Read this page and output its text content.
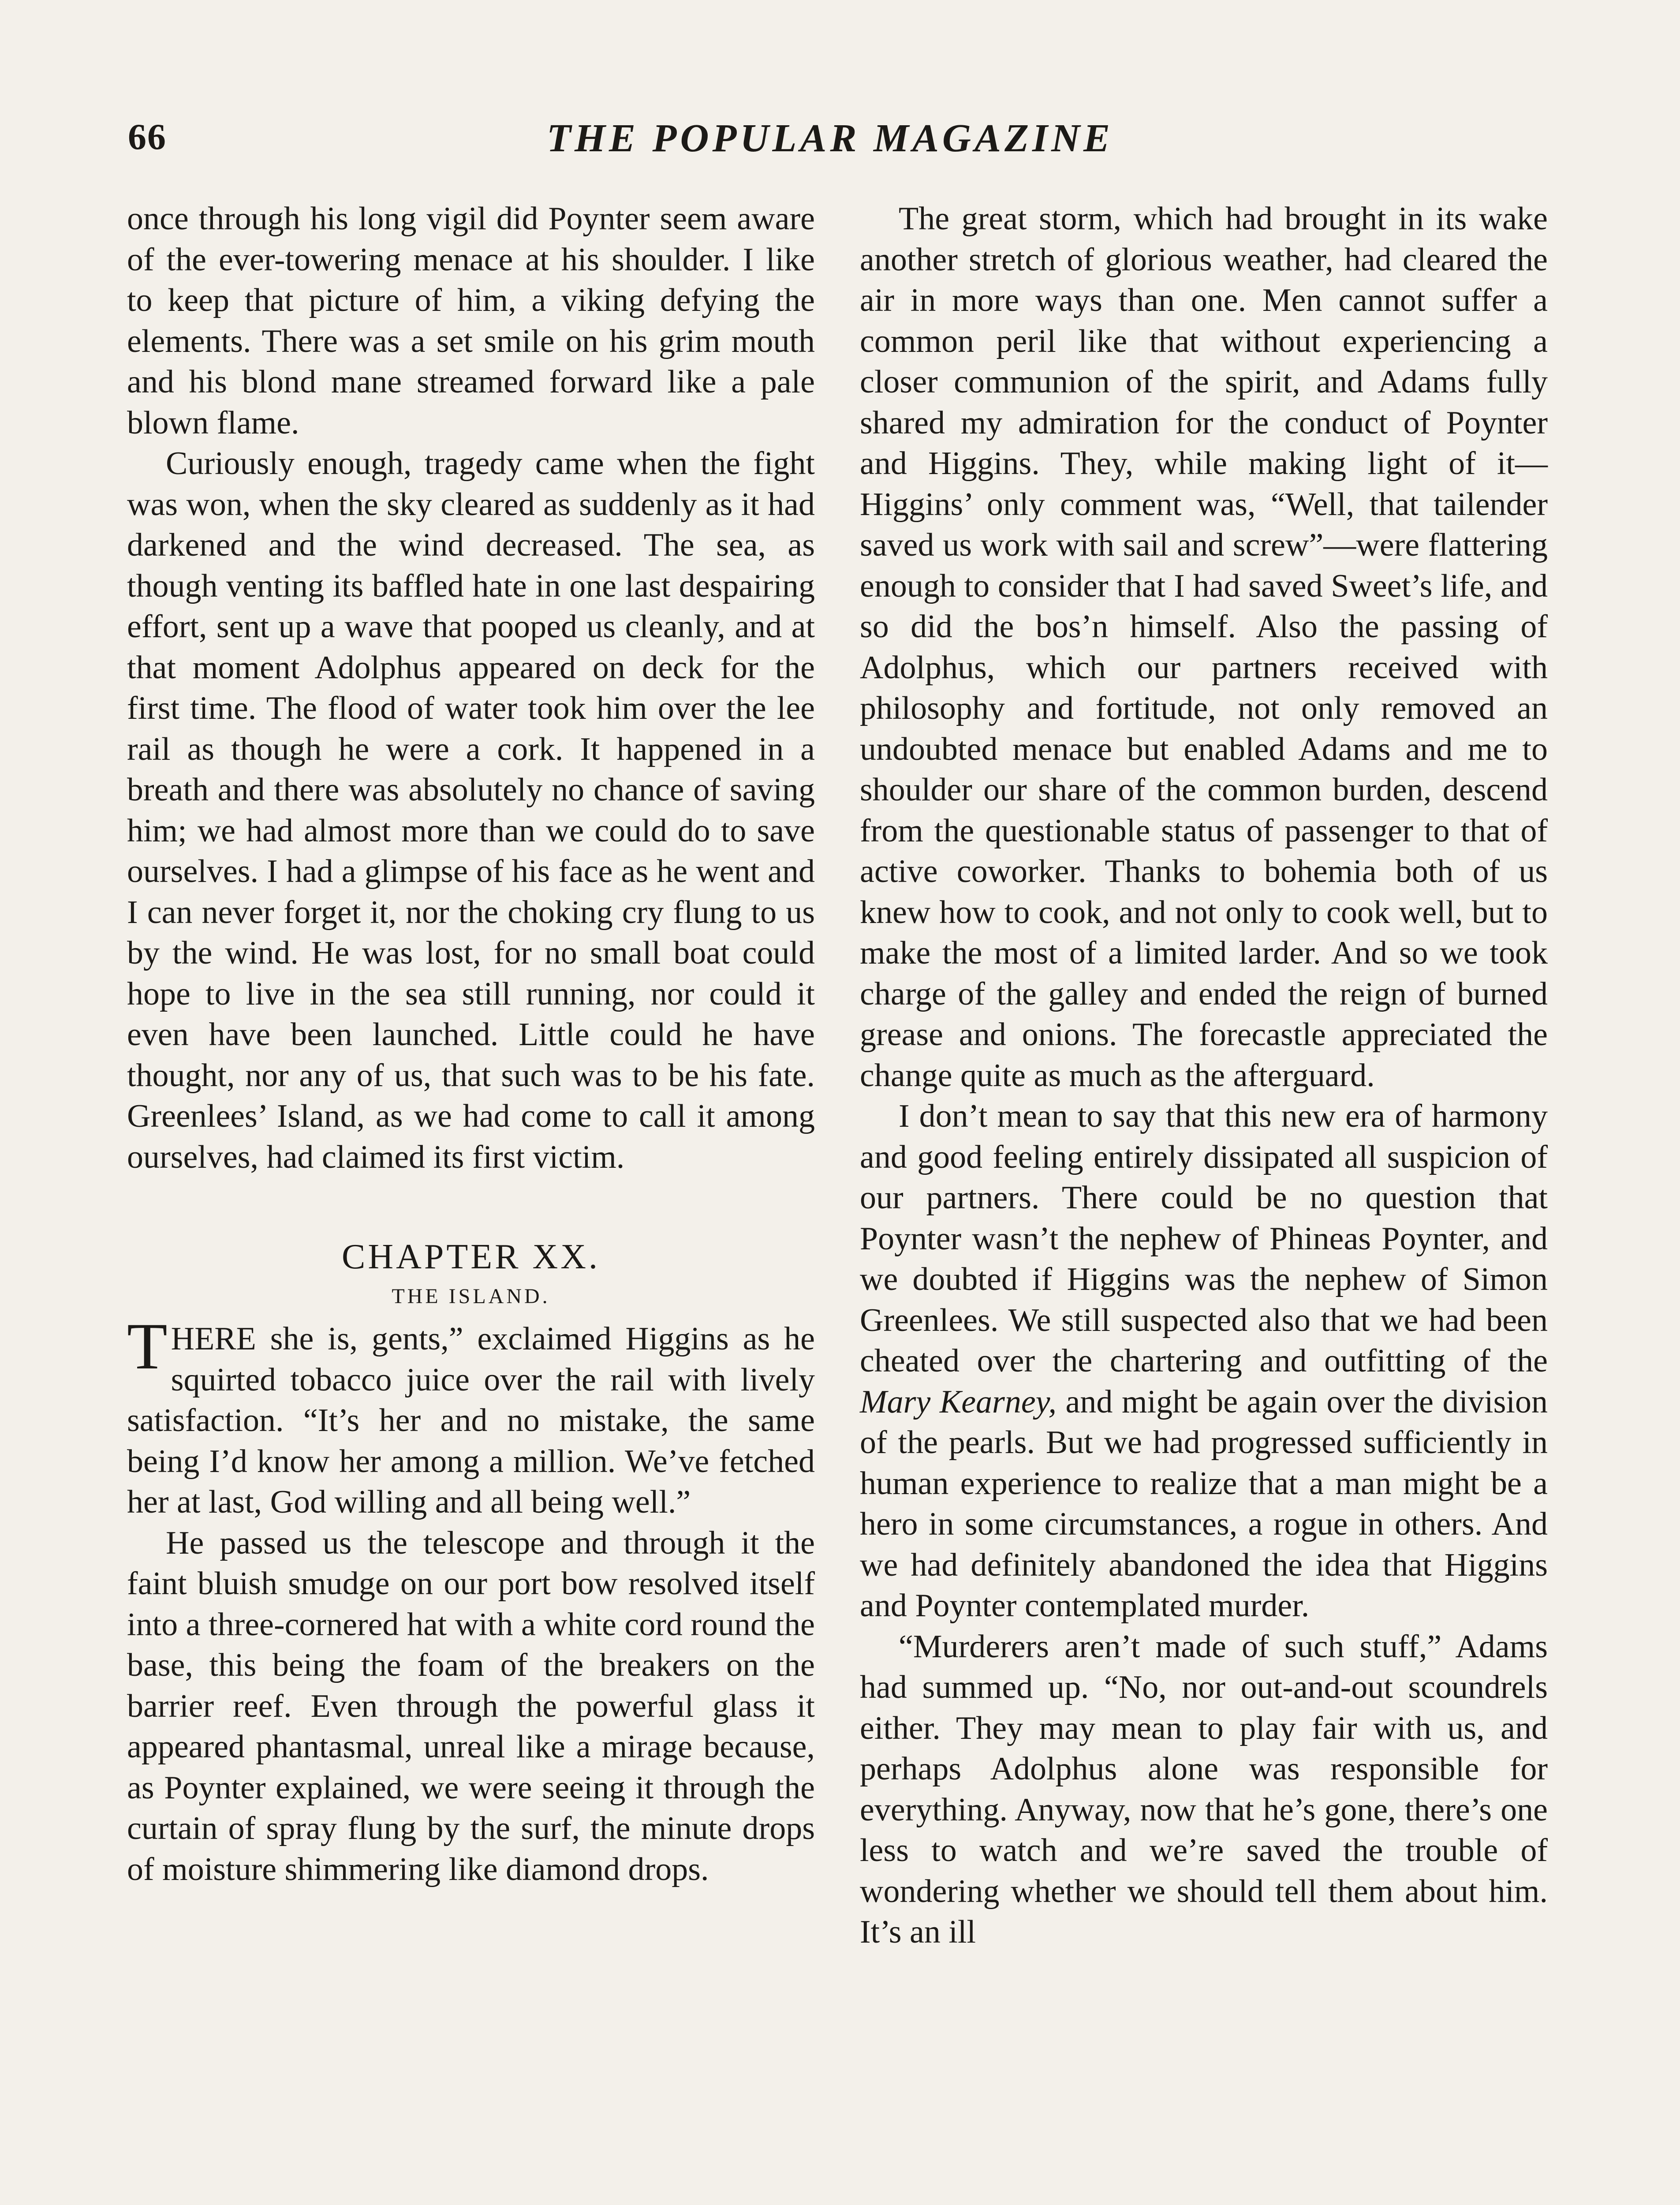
66	THE POPULAR MAGAZINE

once through his long vigil did Poynter seem aware of the ever-towering menace at his shoulder. I like to keep that picture of him, a viking defying the elements. There was a set smile on his grim mouth and his blond mane streamed forward like a pale blown flame.

Curiously enough, tragedy came when the fight was won, when the sky cleared as suddenly as it had darkened and the wind decreased. The sea, as though venting its baffled hate in one last despairing effort, sent up a wave that pooped us cleanly, and at that moment Adolphus appeared on deck for the first time. The flood of water took him over the lee rail as though he were a cork. It happened in a breath and there was absolutely no chance of saving him; we had almost more than we could do to save ourselves. I had a glimpse of his face as he went and I can never forget it, nor the choking cry flung to us by the wind. He was lost, for no small boat could hope to live in the sea still running, nor could it even have been launched. Little could he have thought, nor any of us, that such was to be his fate. Greenlees’ Island, as we had come to call it among ourselves, had claimed its first victim.

CHAPTER XX.
THE ISLAND.

THERE she is, gents,” exclaimed Higgins as he squirted tobacco juice over the rail with lively satisfaction. “It’s her and no mistake, the same being I’d know her among a million. We’ve fetched her at last, God willing and all being well.”

He passed us the telescope and through it the faint bluish smudge on our port bow resolved itself into a three-cornered hat with a white cord round the base, this being the foam of the breakers on the barrier reef. Even through the powerful glass it appeared phantasmal, unreal like a mirage because, as Poynter explained, we were seeing it through the curtain of spray flung by the surf, the minute drops of moisture shimmering like diamond drops.

The great storm, which had brought in its wake another stretch of glorious weather, had cleared the air in more ways than one. Men cannot suffer a common peril like that without experiencing a closer communion of the spirit, and Adams fully shared my admiration for the conduct of Poynter and Higgins. They, while making light of it—Higgins’ only comment was, “Well, that tailender saved us work with sail and screw”—were flattering enough to consider that I had saved Sweet’s life, and so did the bos’n himself. Also the passing of Adolphus, which our partners received with philosophy and fortitude, not only removed an undoubted menace but enabled Adams and me to shoulder our share of the common burden, descend from the questionable status of passenger to that of active coworker. Thanks to bohemia both of us knew how to cook, and not only to cook well, but to make the most of a limited larder. And so we took charge of the galley and ended the reign of burned grease and onions. The forecastle appreciated the change quite as much as the afterguard.

I don’t mean to say that this new era of harmony and good feeling entirely dissipated all suspicion of our partners. There could be no question that Poynter wasn’t the nephew of Phineas Poynter, and we doubted if Higgins was the nephew of Simon Greenlees. We still suspected also that we had been cheated over the chartering and outfitting of the Mary Kearney, and might be again over the division of the pearls. But we had progressed sufficiently in human experience to realize that a man might be a hero in some circumstances, a rogue in others. And we had definitely abandoned the idea that Higgins and Poynter contemplated murder.

“Murderers aren’t made of such stuff,” Adams had summed up. “No, nor out-and-out scoundrels either. They may mean to play fair with us, and perhaps Adolphus alone was responsible for everything. Anyway, now that he’s gone, there’s one less to watch and we’re saved the trouble of wondering whether we should tell them about him. It’s an ill
